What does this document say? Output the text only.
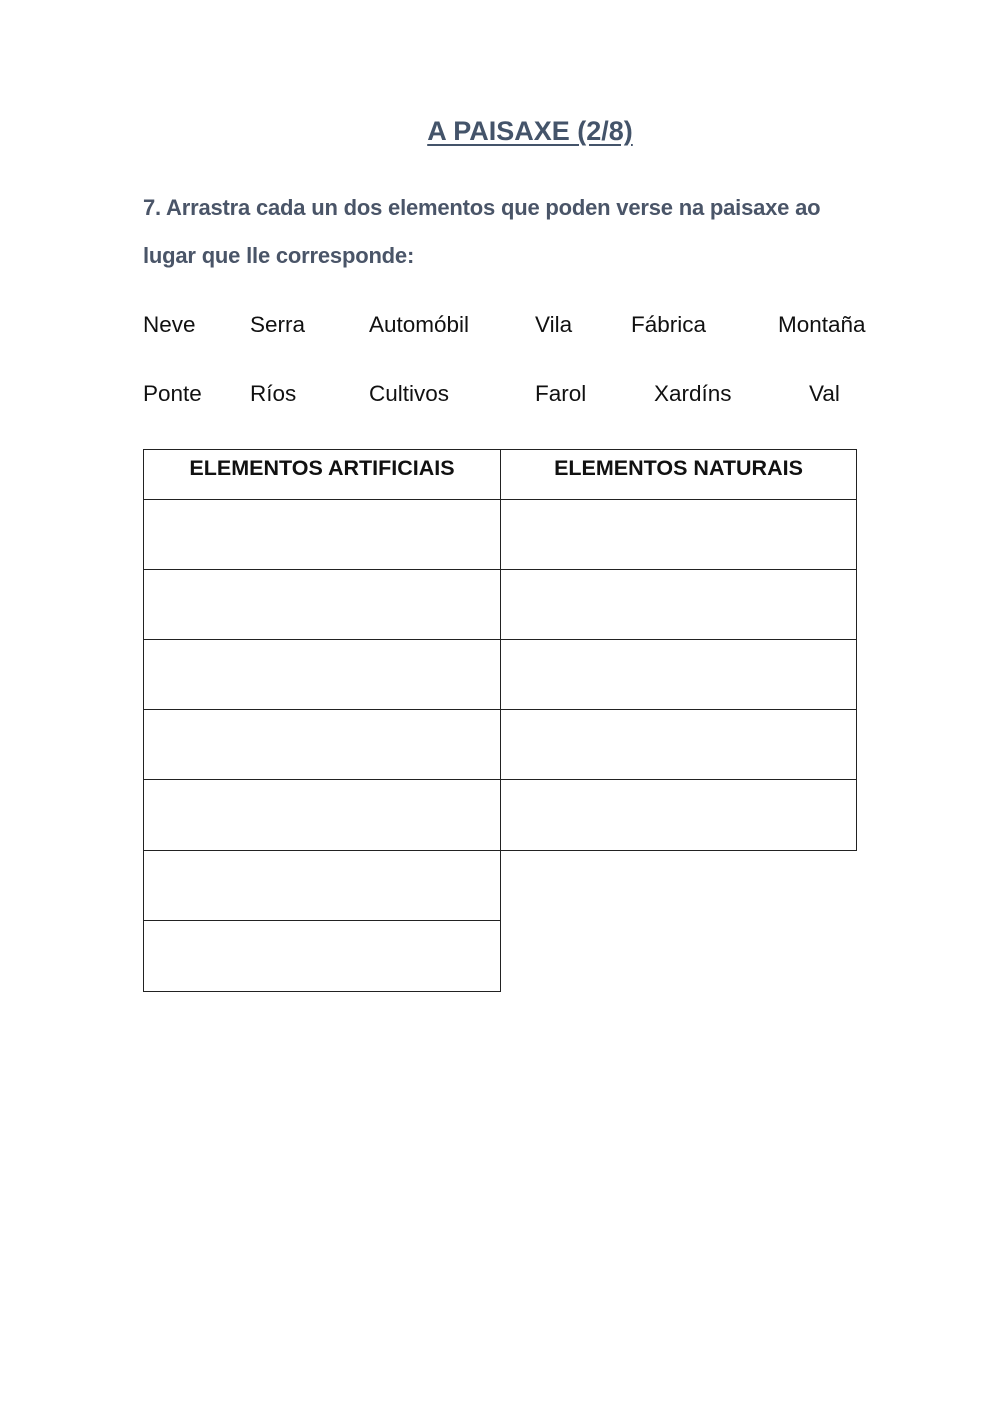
A PAISAXE (2/8)
7. Arrastra cada un dos elementos que poden verse na paisaxe ao
lugar que lle corresponde:
Neve Serra	Automóbil	Vila	Fábrica	Montaña
Ponte Ríos	Cultivos	Farol	Xardíns	Val
ELEMENTOS ARTIFICIAIS	ELEMENTOS NATURAIS
